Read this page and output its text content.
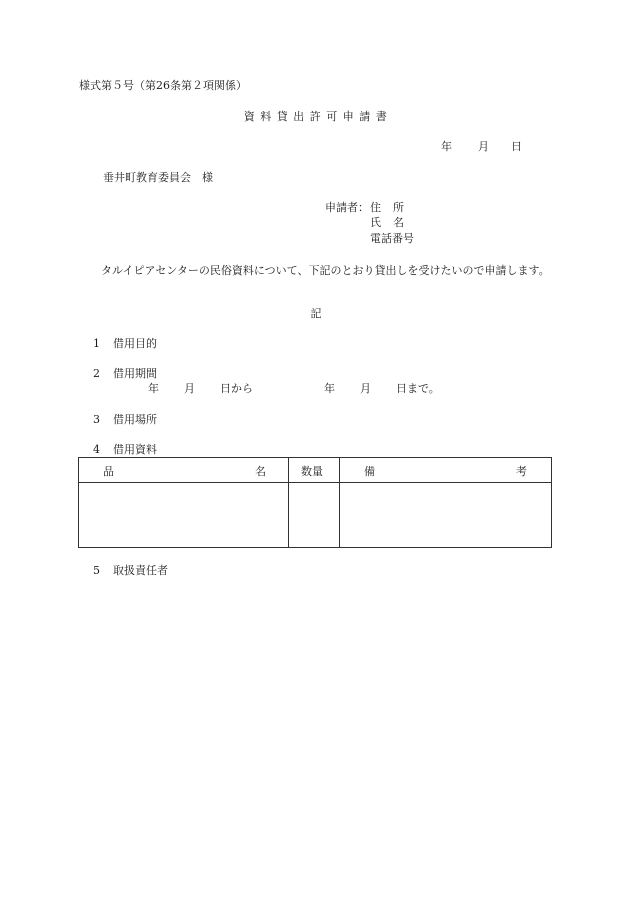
様式第５号（第26条第２項関係）
資料貸出許可申請書
年 月 日
垂井町教育委員会　様
申請者： 住所
氏名
電話番号
タルイピアセンターの民俗資料について、下記のとおり貸出しを受けたいので申請します。
記
1 借用目的
2 借用期間
年 月 日から	年 月 日まで。
3 借用場所
4 借用資料
品 名	数量	備 考

5 取扱責任者
